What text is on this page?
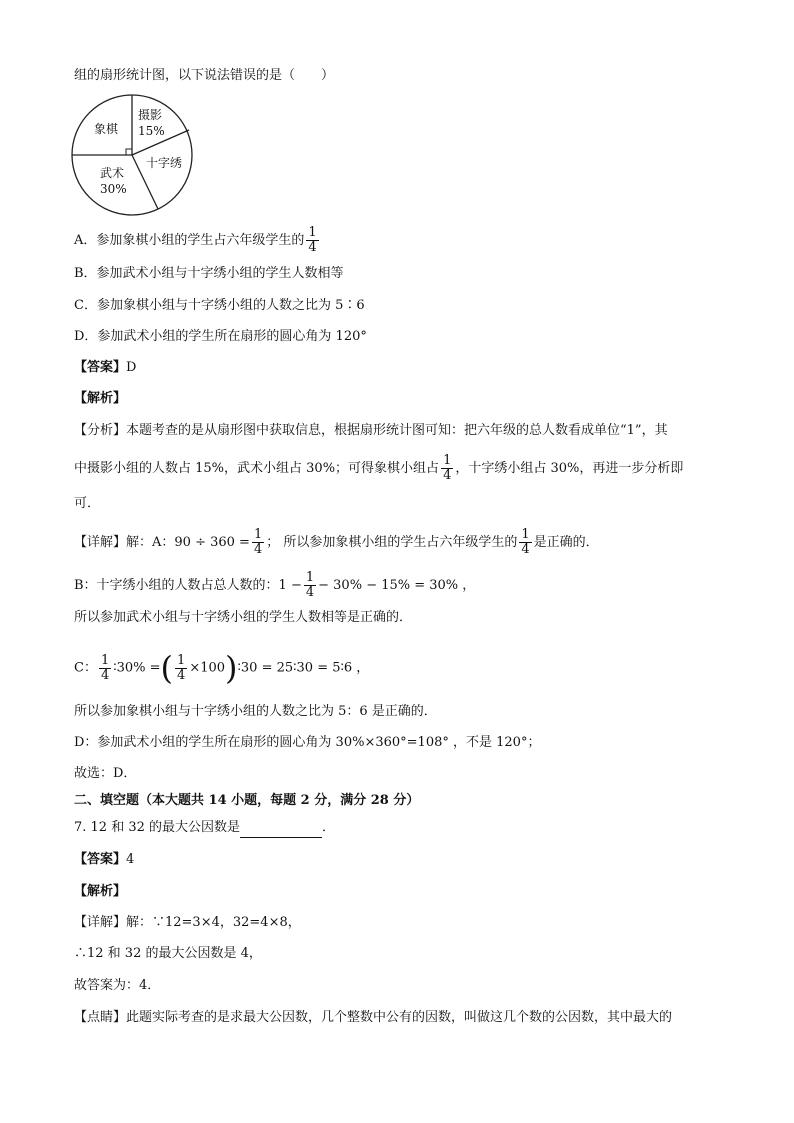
组的扇形统计图，以下说法错误的是（　　）
象棋
摄影
15%
十字绣
武术
30%
A．参加象棋小组的学生占六年级学生的 $\frac{1}{4}$
B．参加武术小组与十字绣小组的学生人数相等
C．参加象棋小组与十字绣小组的人数之比为 5∶6
D．参加武术小组的学生所在扇形的圆心角为 120°
【答案】D
【解析】
【分析】本题考查的是从扇形图中获取信息，根据扇形统计图可知：把六年级的总人数看成单位“1”，其
中摄影小组的人数占 15%，武术小组占 30%；可得象棋小组占 $\frac{1}{4}$ ，十字绣小组占 30%，再进一步分析即
可．
【详解】解：A：$90 \div 360 = \frac{1}{4}$ ； 所以参加象棋小组的学生占六年级学生的 $\frac{1}{4}$ 是正确的．
B：十字绣小组的人数占总人数的：$1 - \frac{1}{4} - 30\% - 15\% = 30\%$ ，
所以参加武术小组与十字绣小组的学生人数相等是正确的．
C： $\frac{1}{4}$ ∶30% =( $\frac{1}{4}$ ×100)∶30 = 25∶30 = 5∶6 ，
所以参加象棋小组与十字绣小组的人数之比为 5：6 是正确的．
D：参加武术小组的学生所在扇形的圆心角为 30%×360°=108° ，不是 120°；
故选：D．
二、填空题（本大题共 14 小题，每题 2 分，满分 28 分）
7. 12 和 32 的最大公因数是	．
【答案】4
【解析】
【详解】解：∵12=3×4，32=4×8，
∴12 和 32 的最大公因数是 4，
故答案为：4．
【点睛】此题实际考查的是求最大公因数，几个整数中公有的因数，叫做这几个数的公因数，其中最大的
